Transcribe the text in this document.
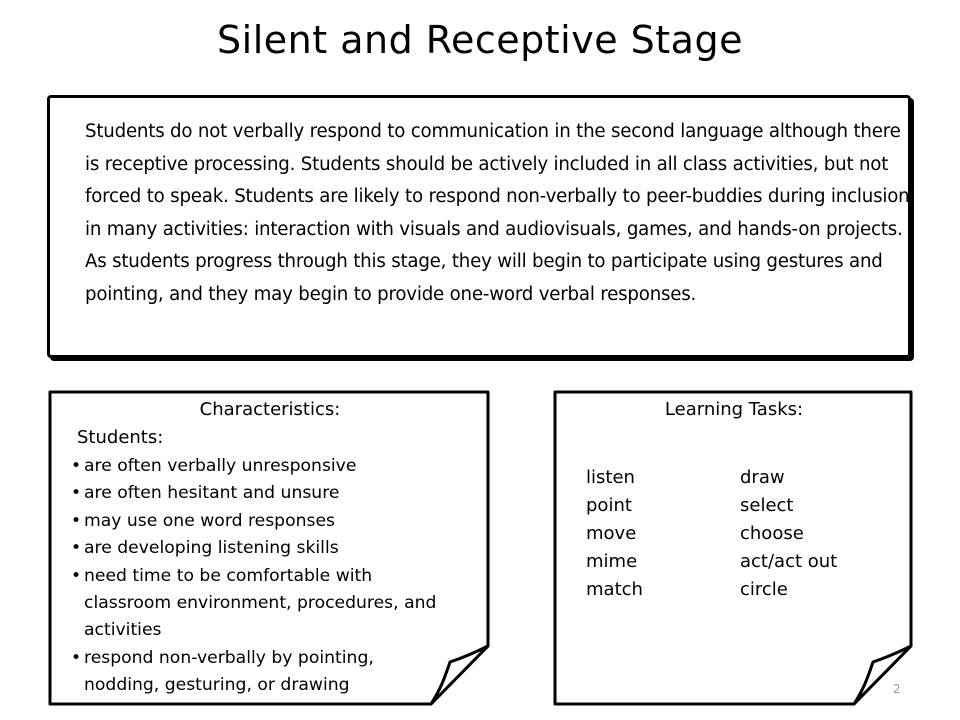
Silent and Receptive Stage

Students do not verbally respond to communication in the second language although there is receptive processing. Students should be actively included in all class activities, but not forced to speak. Students are likely to respond non-verbally to peer-buddies during inclusion in many activities: interaction with visuals and audiovisuals, games, and hands-on projects. As students progress through this stage, they will begin to participate using gestures and pointing, and they may begin to provide one-word verbal responses.

Characteristics:
Students:
• are often verbally unresponsive
• are often hesitant and unsure
• may use one word responses
• are developing listening skills
• need time to be comfortable with classroom environment, procedures, and activities
• respond non-verbally by pointing, nodding, gesturing, or drawing
Learning Tasks:
listen
point
move
mime
match
draw
select
choose
act/act out
circle
2
